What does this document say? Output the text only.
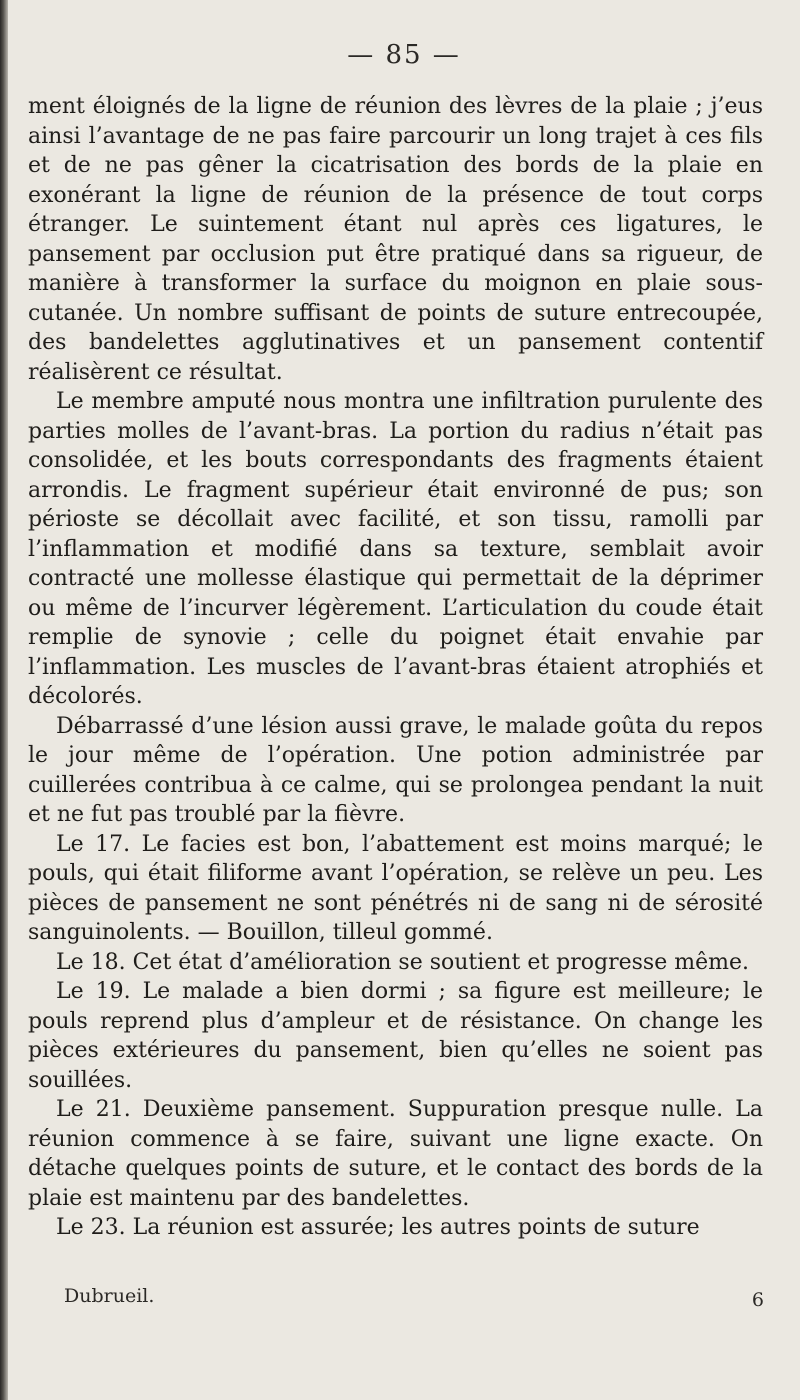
— 85 —

ment éloignés de la ligne de réunion des lèvres de la plaie ; j’eus ainsi l’avantage de ne pas faire parcourir un long trajet à ces fils et de ne pas gêner la cicatrisation des bords de la plaie en exonérant la ligne de réunion de la présence de tout corps étranger. Le suintement étant nul après ces ligatures, le pansement par occlusion put être pratiqué dans sa rigueur, de manière à transformer la surface du moignon en plaie sous-cutanée. Un nombre suffisant de points de suture entrecoupée, des bandelettes agglutinatives et un pansement contentif réalisèrent ce résultat.

Le membre amputé nous montra une infiltration purulente des parties molles de l’avant-bras. La portion du radius n’était pas consolidée, et les bouts correspondants des fragments étaient arrondis. Le fragment supérieur était environné de pus; son périoste se décollait avec facilité, et son tissu, ramolli par l’inflammation et modifié dans sa texture, semblait avoir contracté une mollesse élastique qui permettait de la déprimer ou même de l’incurver légèrement. L’articulation du coude était remplie de synovie ; celle du poignet était envahie par l’inflammation. Les muscles de l’avant-bras étaient atrophiés et décolorés.

Débarrassé d’une lésion aussi grave, le malade goûta du repos le jour même de l’opération. Une potion administrée par cuillerées contribua à ce calme, qui se prolongea pendant la nuit et ne fut pas troublé par la fièvre.

Le 17. Le facies est bon, l’abattement est moins marqué; le pouls, qui était filiforme avant l’opération, se relève un peu. Les pièces de pansement ne sont pénétrés ni de sang ni de sérosité sanguinolents. — Bouillon, tilleul gommé.

Le 18. Cet état d’amélioration se soutient et progresse même.

Le 19. Le malade a bien dormi ; sa figure est meilleure; le pouls reprend plus d’ampleur et de résistance. On change les pièces extérieures du pansement, bien qu’elles ne soient pas souillées.

Le 21. Deuxième pansement. Suppuration presque nulle. La réunion commence à se faire, suivant une ligne exacte. On détache quelques points de suture, et le contact des bords de la plaie est maintenu par des bandelettes.

Le 23. La réunion est assurée; les autres points de suture

Dubrueil.	6
